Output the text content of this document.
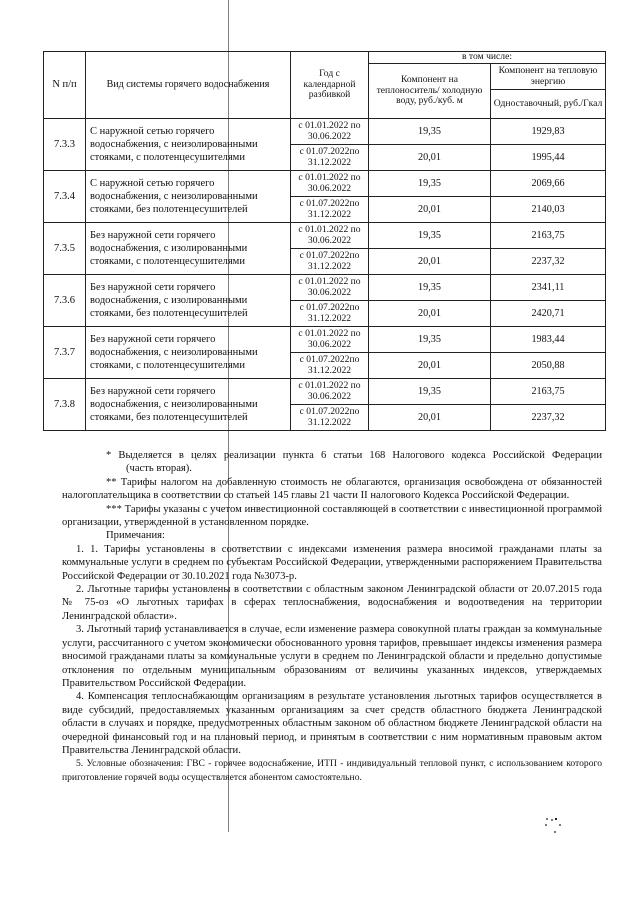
N п/п	Вид системы горячего водоснабжения	Год с календарной разбивкой	в том числе:	
			Компонент на теплоноситель/ холодную воду, руб./куб. м	Компонент на тепловую энергию
				Одноставочный, руб./Гкал
7.3.3	С наружной сетью горячего водоснабжения, с неизолированными стояками, с полотенцесушителями	с 01.01.2022 по 30.06.2022	19,35	1929,83
		с 01.07.2022по 31.12.2022	20,01	1995,44
7.3.4	С наружной сетью горячего водоснабжения, с неизолированными стояками, без полотенцесушителей	с 01.01.2022 по 30.06.2022	19,35	2069,66
		с 01.07.2022по 31.12.2022	20,01	2140,03
7.3.5	Без наружной сети горячего водоснабжения, с изолированными стояками, с полотенцесушителями	с 01.01.2022 по 30.06.2022	19,35	2163,75
		с 01.07.2022по 31.12.2022	20,01	2237,32
7.3.6	Без наружной сети горячего водоснабжения, с изолированными стояками, без полотенцесушителей	с 01.01.2022 по 30.06.2022	19,35	2341,11
		с 01.07.2022по 31.12.2022	20,01	2420,71
7.3.7	Без наружной сети горячего водоснабжения, с неизолированными стояками, с полотенцесушителями	с 01.01.2022 по 30.06.2022	19,35	1983,44
		с 01.07.2022по 31.12.2022	20,01	2050,88
7.3.8	Без наружной сети горячего водоснабжения, с неизолированными стояками, без полотенцесушителей	с 01.01.2022 по 30.06.2022	19,35	2163,75
		с 01.07.2022по 31.12.2022	20,01	2237,32

* Выделяется в целях реализации пункта 6 статьи 168 Налогового кодекса Российской Федерации(часть вторая).

** Тарифы налогом на добавленную стоимость не облагаются, организация освобождена от обязанностей налогоплательщика в соответствии со статьей 145 главы 21 части II налогового Кодекса Российской Федерации.

*** Тарифы указаны с учетом инвестиционной составляющей в соответствии с инвестиционной программой организации, утвержденной в установленном порядке.

Примечания:

1. 1. Тарифы установлены в соответствии с индексами изменения размера вносимой гражданами платы за коммунальные услуги в среднем по субъектам Российской Федерации, утвержденными распоряжением Правительства Российской Федерации от 30.10.2021 года №3073-р.

2. Льготные тарифы установлены в соответствии с областным законом Ленинградской области от 20.07.2015 года № 75-оз «О льготных тарифах в сферах теплоснабжения, водоснабжения и водоотведения на территории Ленинградской области».

3. Льготный тариф устанавливается в случае, если изменение размера совокупной платы граждан за коммунальные услуги, рассчитанного с учетом экономически обоснованного уровня тарифов, превышает индексы изменения размера вносимой гражданами платы за коммунальные услуги в среднем по Ленинградской области и предельно допустимые отклонения по отдельным муниципальным образованиям от величины указанных индексов, утверждаемых Правительством Российской Федерации.

4. Компенсация теплоснабжающим организациям в результате установления льготных тарифов осуществляется в виде субсидий, предоставляемых указанным организациям за счет средств областного бюджета Ленинградской области в случаях и порядке, предусмотренных областным законом об областном бюджете Ленинградской области на очередной финансовый год и на плановый период, и принятым в соответствии с ним нормативным правовым актом Правительства Ленинградской области.

5. Условные обозначения: ГВС - горячее водоснабжение, ИТП - индивидуальный тепловой пункт, с использованием которого приготовление горячей воды осуществляется абонентом самостоятельно.
